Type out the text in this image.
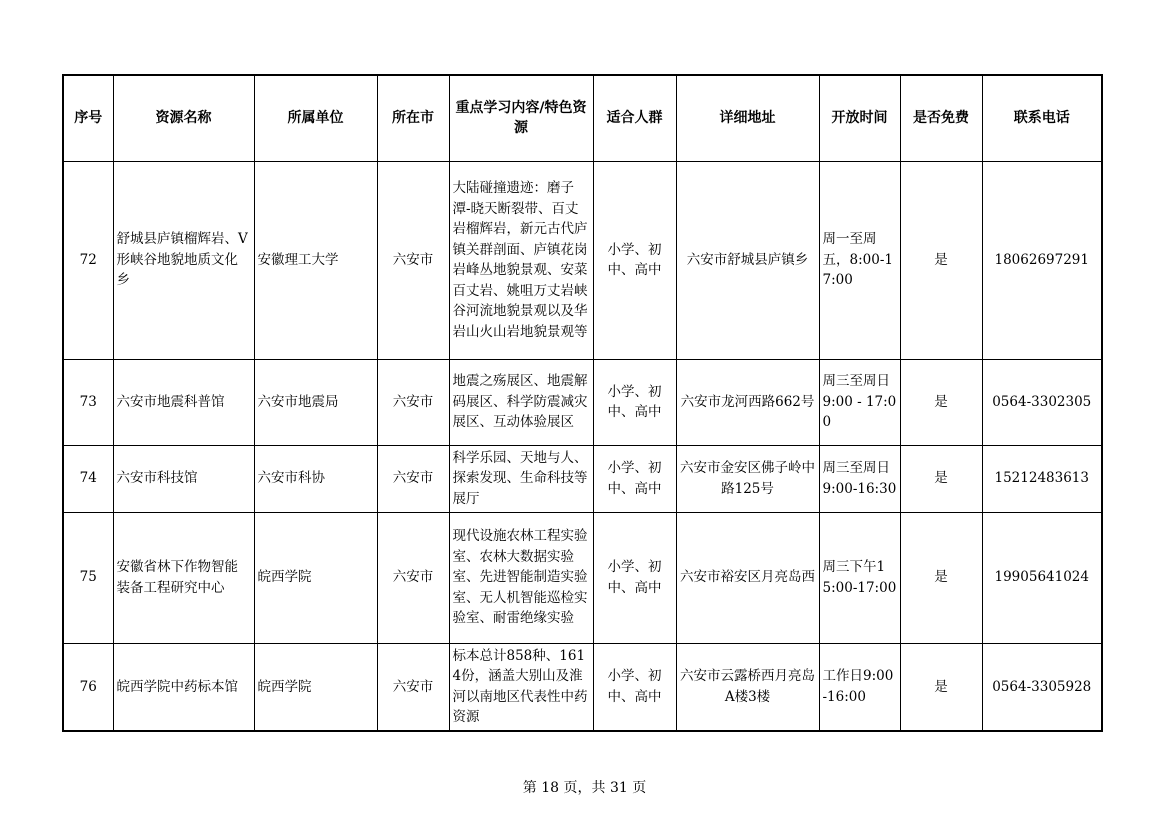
序号	资源名称	所属单位	所在市	重点学习内容/特色资源	适合人群	详细地址	开放时间	是否免费	联系电话
72	舒城县庐镇榴辉岩、V形峡谷地貌地质文化乡	安徽理工大学	六安市	大陆碰撞遗迹：磨子潭-晓天断裂带、百丈岩榴辉岩，新元古代庐镇关群剖面、庐镇花岗岩峰丛地貌景观、安菜百丈岩、姚咀万丈岩峡谷河流地貌景观以及华岩山火山岩地貌景观等	小学、初中、高中	六安市舒城县庐镇乡	周一至周五，8:00-17:00	是	18062697291
73	六安市地震科普馆	六安市地震局	六安市	地震之殇展区、地震解码展区、科学防震减灾展区、互动体验展区	小学、初中、高中	六安市龙河西路662号	周三至周日 9:00 - 17:00	是	0564-3302305
74	六安市科技馆	六安市科协	六安市	科学乐园、天地与人、探索发现、生命科技等展厅	小学、初中、高中	六安市金安区佛子岭中路125号	周三至周日9:00-16:30	是	15212483613
75	安徽省林下作物智能装备工程研究中心	皖西学院	六安市	现代设施农林工程实验室、农林大数据实验室、先进智能制造实验室、无人机智能巡检实验室、耐雷绝缘实验	小学、初中、高中	六安市裕安区月亮岛西	周三下午15:00-17:00	是	19905641024
76	皖西学院中药标本馆	皖西学院	六安市	标本总计858种、1614份，涵盖大别山及淮河以南地区代表性中药资源	小学、初中、高中	六安市云露桥西月亮岛A楼3楼	工作日9:00-16:00	是	0564-3305928
第 18 页，共 31 页
